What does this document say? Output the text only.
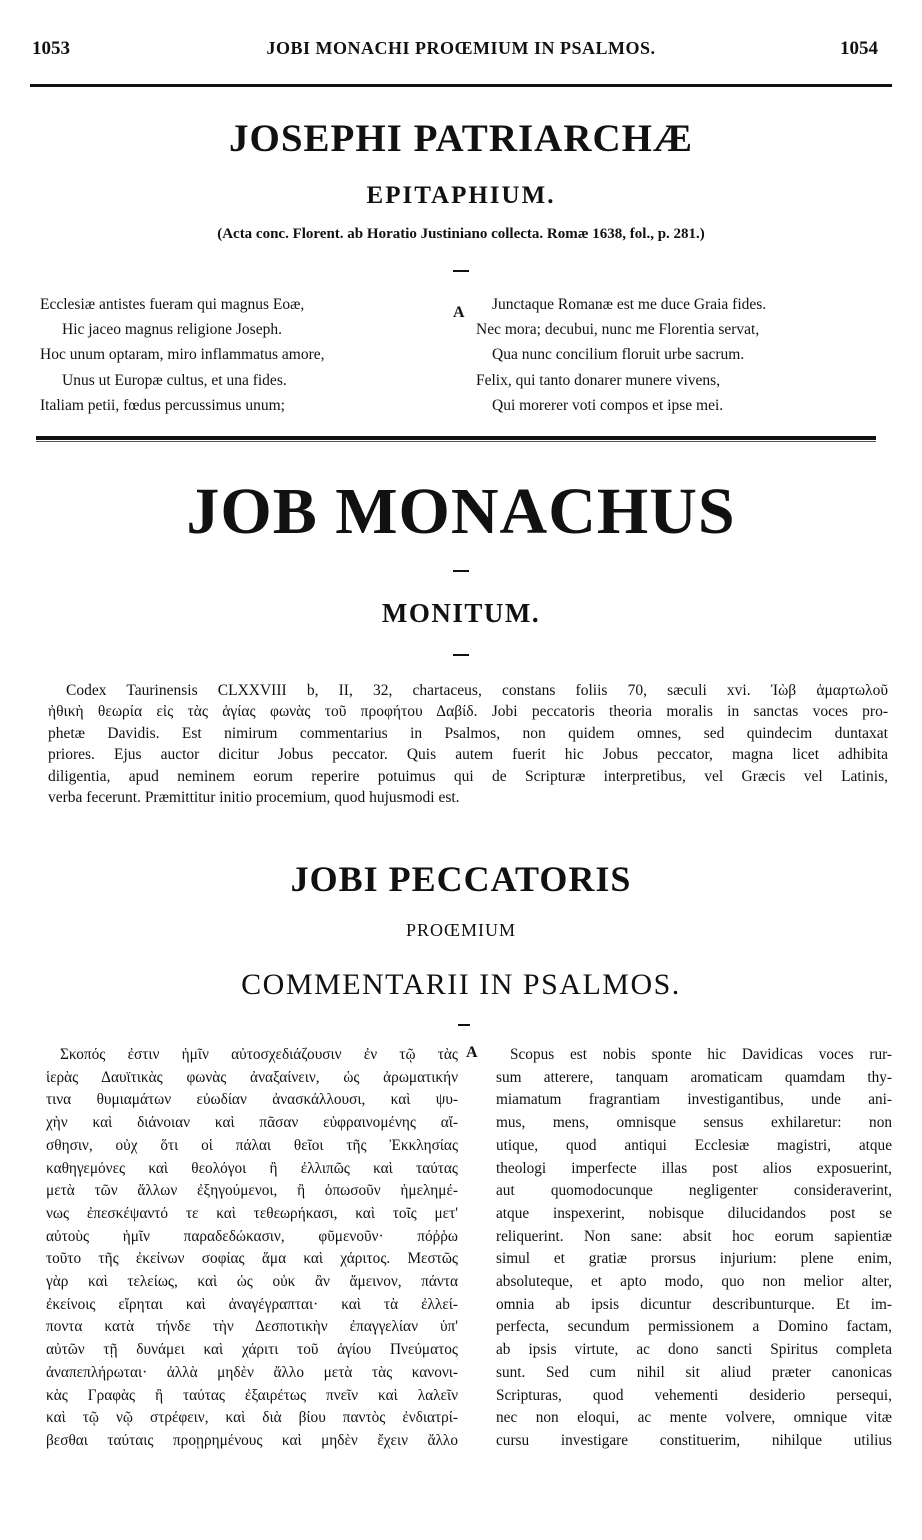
1053	JOBI MONACHI PROŒMIUM IN PSALMOS.	1054
JOSEPHI PATRIARCHÆ
EPITAPHIUM.
(Acta conc. Florent. ab Horatio Justiniano collecta. Romæ 1638, fol., p. 281.)
Ecclesiæ antistes fueram qui magnus Eoæ,
Hic jaceo magnus religione Joseph.
Hoc unum optaram, miro inflammatus amore,
Unus ut Europæ cultus, et una fides.
Italiam petii, fœdus percussimus unum;
A	Junctaque Romanæ est me duce Graia fides.
Nec mora; decubui, nunc me Florentia servat,
Qua nunc concilium floruit urbe sacrum.
Felix, qui tanto donarer munere vivens,
Qui morerer voti compos et ipse mei.
JOB MONACHUS
MONITUM.
Codex Taurinensis CLXXVIII b, II, 32, chartaceus, constans foliis 70, sæculi xvi. Ἰὼβ ἁμαρτωλοῦ
ἠθικὴ θεωρία εἰς τὰς ἁγίας φωνὰς τοῦ προφήτου Δαβίδ. Jobi peccatoris theoria moralis in sanctas voces pro-
phetæ Davidis. Est nimirum commentarius in Psalmos, non quidem omnes, sed quindecim duntaxat
priores. Ejus auctor dicitur Jobus peccator. Quis autem fuerit hic Jobus peccator, magna licet adhibita
diligentia, apud neminem eorum reperire potuimus qui de Scripturæ interpretibus, vel Græcis vel Latinis,
verba fecerunt. Præmittitur initio procemium, quod hujusmodi est.
JOBI PECCATORIS
PROŒMIUM
COMMENTARII IN PSALMOS.
Σκοπός ἐστιν ἡμῖν αὐτοσχεδιάζουσιν ἐν τῷ τὰς
ἱερὰς Δαυϊτικὰς φωνὰς ἀναξαίνειν, ὡς ἀρωματικήν
τινα θυμιαμάτων εὐωδίαν ἀνασκάλλουσι, καὶ ψυ-
χὴν καὶ διάνοιαν καὶ πᾶσαν εὐφραινομένης αἴ-
σθησιν, οὐχ ὅτι οἱ πάλαι θεῖοι τῆς Ἐκκλησίας
καθηγεμόνες καὶ θεολόγοι ἢ ἐλλιπῶς καὶ ταύτας
μετὰ τῶν ἄλλων ἐξηγούμενοι, ἢ ὁπωσοῦν ἠμελημέ-
νως ἐπεσκέψαντό τε καὶ τεθεωρήκασι, καὶ τοῖς μετ'
αὐτοὺς ἡμῖν παραδεδώκασιν, φῦμενοῦν· πόῤῥω
τοῦτο τῆς ἐκείνων σοφίας ἅμα καὶ χάριτος. Μεστῶς
γὰρ καὶ τελείως, καὶ ὡς οὐκ ἂν ἄμεινον, πάντα
ἐκείνοις εἴρηται καὶ ἀναγέγραπται· καὶ τὰ ἐλλεί-
ποντα κατὰ τήνδε τὴν Δεσποτικὴν ἐπαγγελίαν ὑπ'
αὐτῶν τῇ δυνάμει καὶ χάριτι τοῦ ἁγίου Πνεύματος
ἀναπεπλήρωται· ἀλλὰ μηδὲν ἄλλο μετὰ τὰς κανονι-
κὰς Γραφὰς ἢ ταύτας ἐξαιρέτως πνεῖν καὶ λαλεῖν
καὶ τῷ νῷ στρέφειν, καὶ διὰ βίου παντὸς ἐνδιατρί-
βεσθαι ταύταις προῃρημένους καὶ μηδὲν ἔχειν ἄλλο
A	Scopus est nobis sponte hic Davidicas voces rur-
sum atterere, tanquam aromaticam quamdam thy-
miamatum fragrantiam investigantibus, unde ani-
mus, mens, omnisque sensus exhilaretur: non
utique, quod antiqui Ecclesiæ magistri, atque
theologi imperfecte illas post alios exposuerint,
aut quomodocunque negligenter consideraverint,
atque inspexerint, nobisque dilucidandos post se
reliquerint. Non sane: absit hoc eorum sapientiæ
simul et gratiæ prorsus injurium: plene enim,
absoluteque, et apto modo, quo non melior alter,
omnia ab ipsis dicuntur describunturque. Et im-
perfecta, secundum permissionem a Domino factam,
ab ipsis virtute, ac dono sancti Spiritus completa
sunt. Sed cum nihil sit aliud præter canonicas
Scripturas, quod vehementi desiderio persequi,
nec non eloqui, ac mente volvere, omnique vitæ
cursu investigare constituerim, nihilque utilius
